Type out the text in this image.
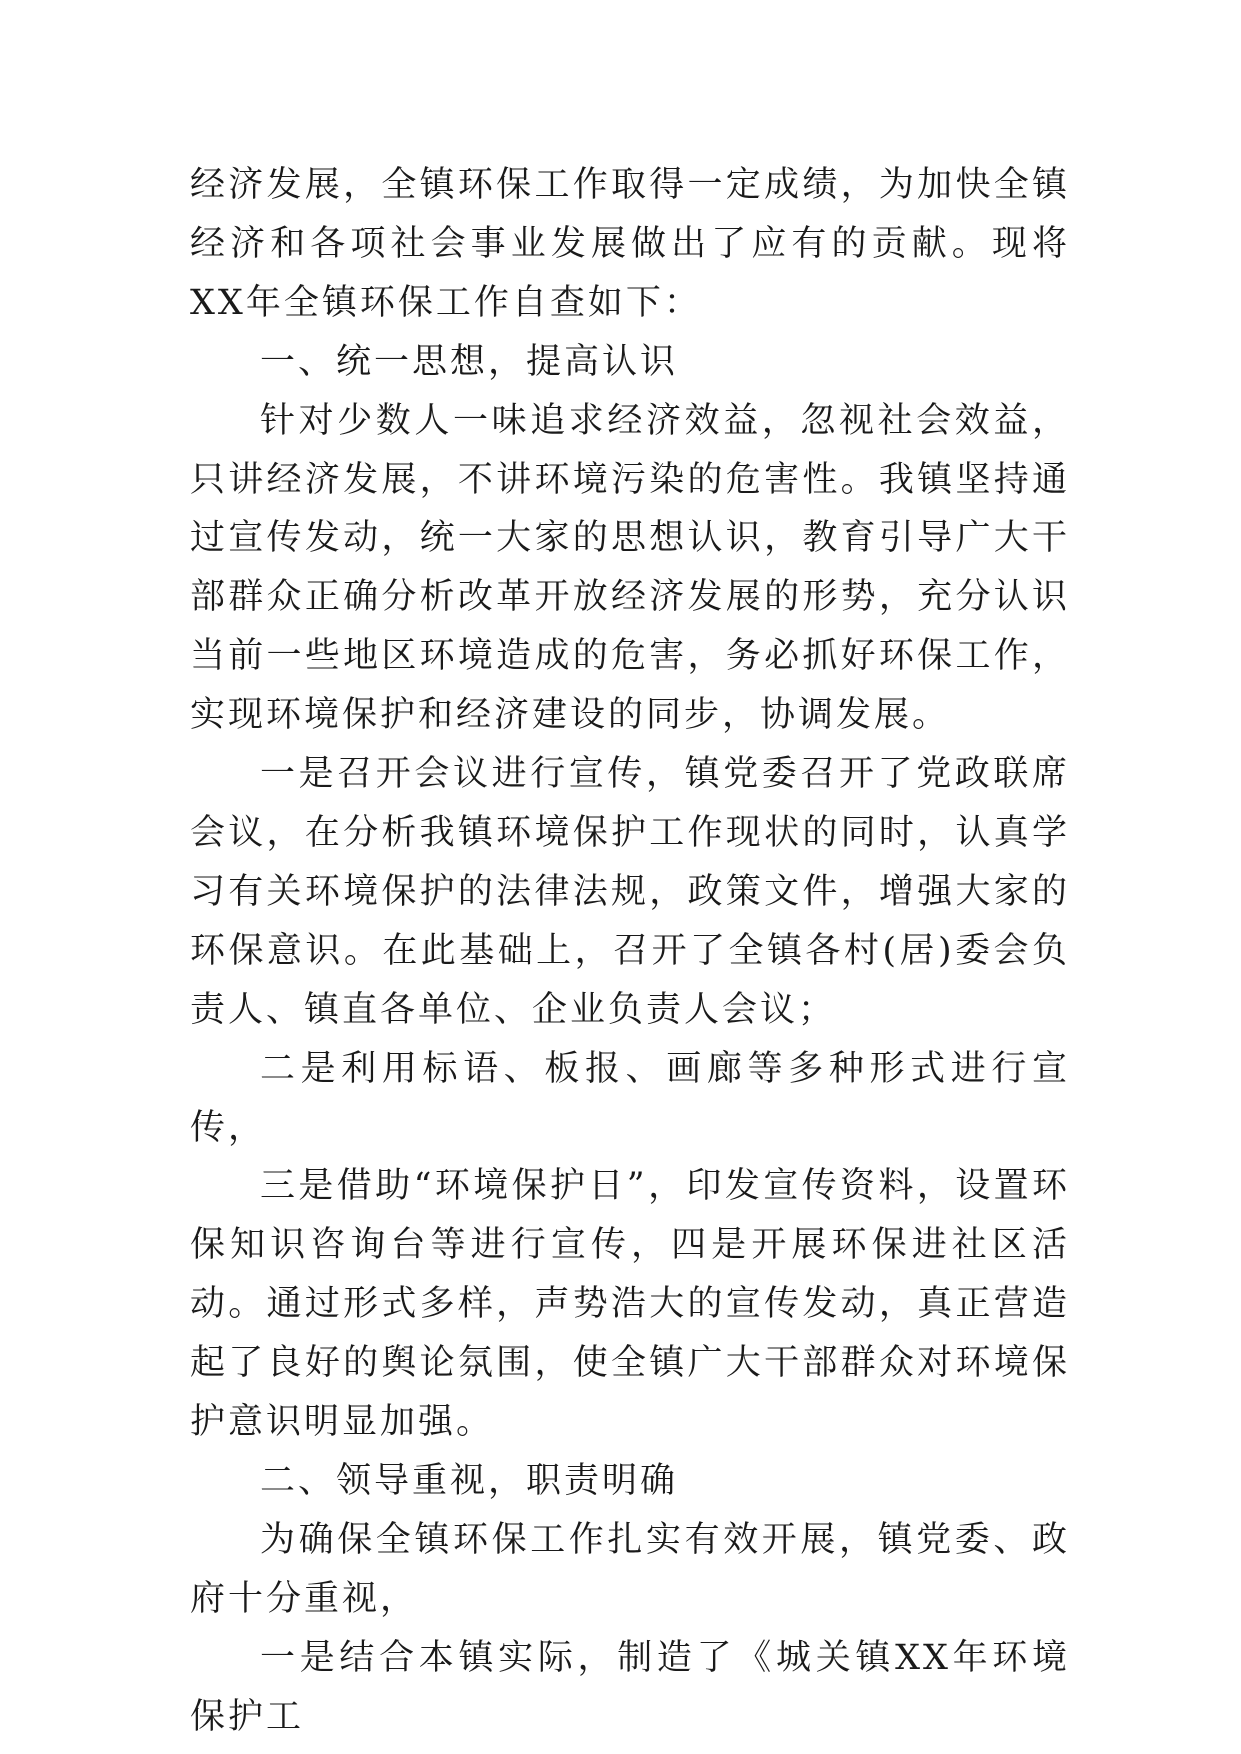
经济发展，全镇环保工作取得一定成绩，为加快全镇经济和各项社会事业发展做出了应有的贡献。现将XX年全镇环保工作自查如下：

一、统一思想，提高认识

针对少数人一味追求经济效益，忽视社会效益，只讲经济发展，不讲环境污染的危害性。我镇坚持通过宣传发动，统一大家的思想认识，教育引导广大干部群众正确分析改革开放经济发展的形势，充分认识当前一些地区环境造成的危害，务必抓好环保工作，实现环境保护和经济建设的同步，协调发展。

一是召开会议进行宣传，镇党委召开了党政联席会议，在分析我镇环境保护工作现状的同时，认真学习有关环境保护的法律法规，政策文件，增强大家的环保意识。在此基础上，召开了全镇各村(居)委会负责人、镇直各单位、企业负责人会议；

二是利用标语、板报、画廊等多种形式进行宣传，

三是借助“环境保护日”，印发宣传资料，设置环保知识咨询台等进行宣传，四是开展环保进社区活动。通过形式多样，声势浩大的宣传发动，真正营造起了良好的舆论氛围，使全镇广大干部群众对环境保护意识明显加强。

二、领导重视，职责明确

为确保全镇环保工作扎实有效开展，镇党委、政府十分重视，

一是结合本镇实际，制造了《城关镇XX年环境保护工
